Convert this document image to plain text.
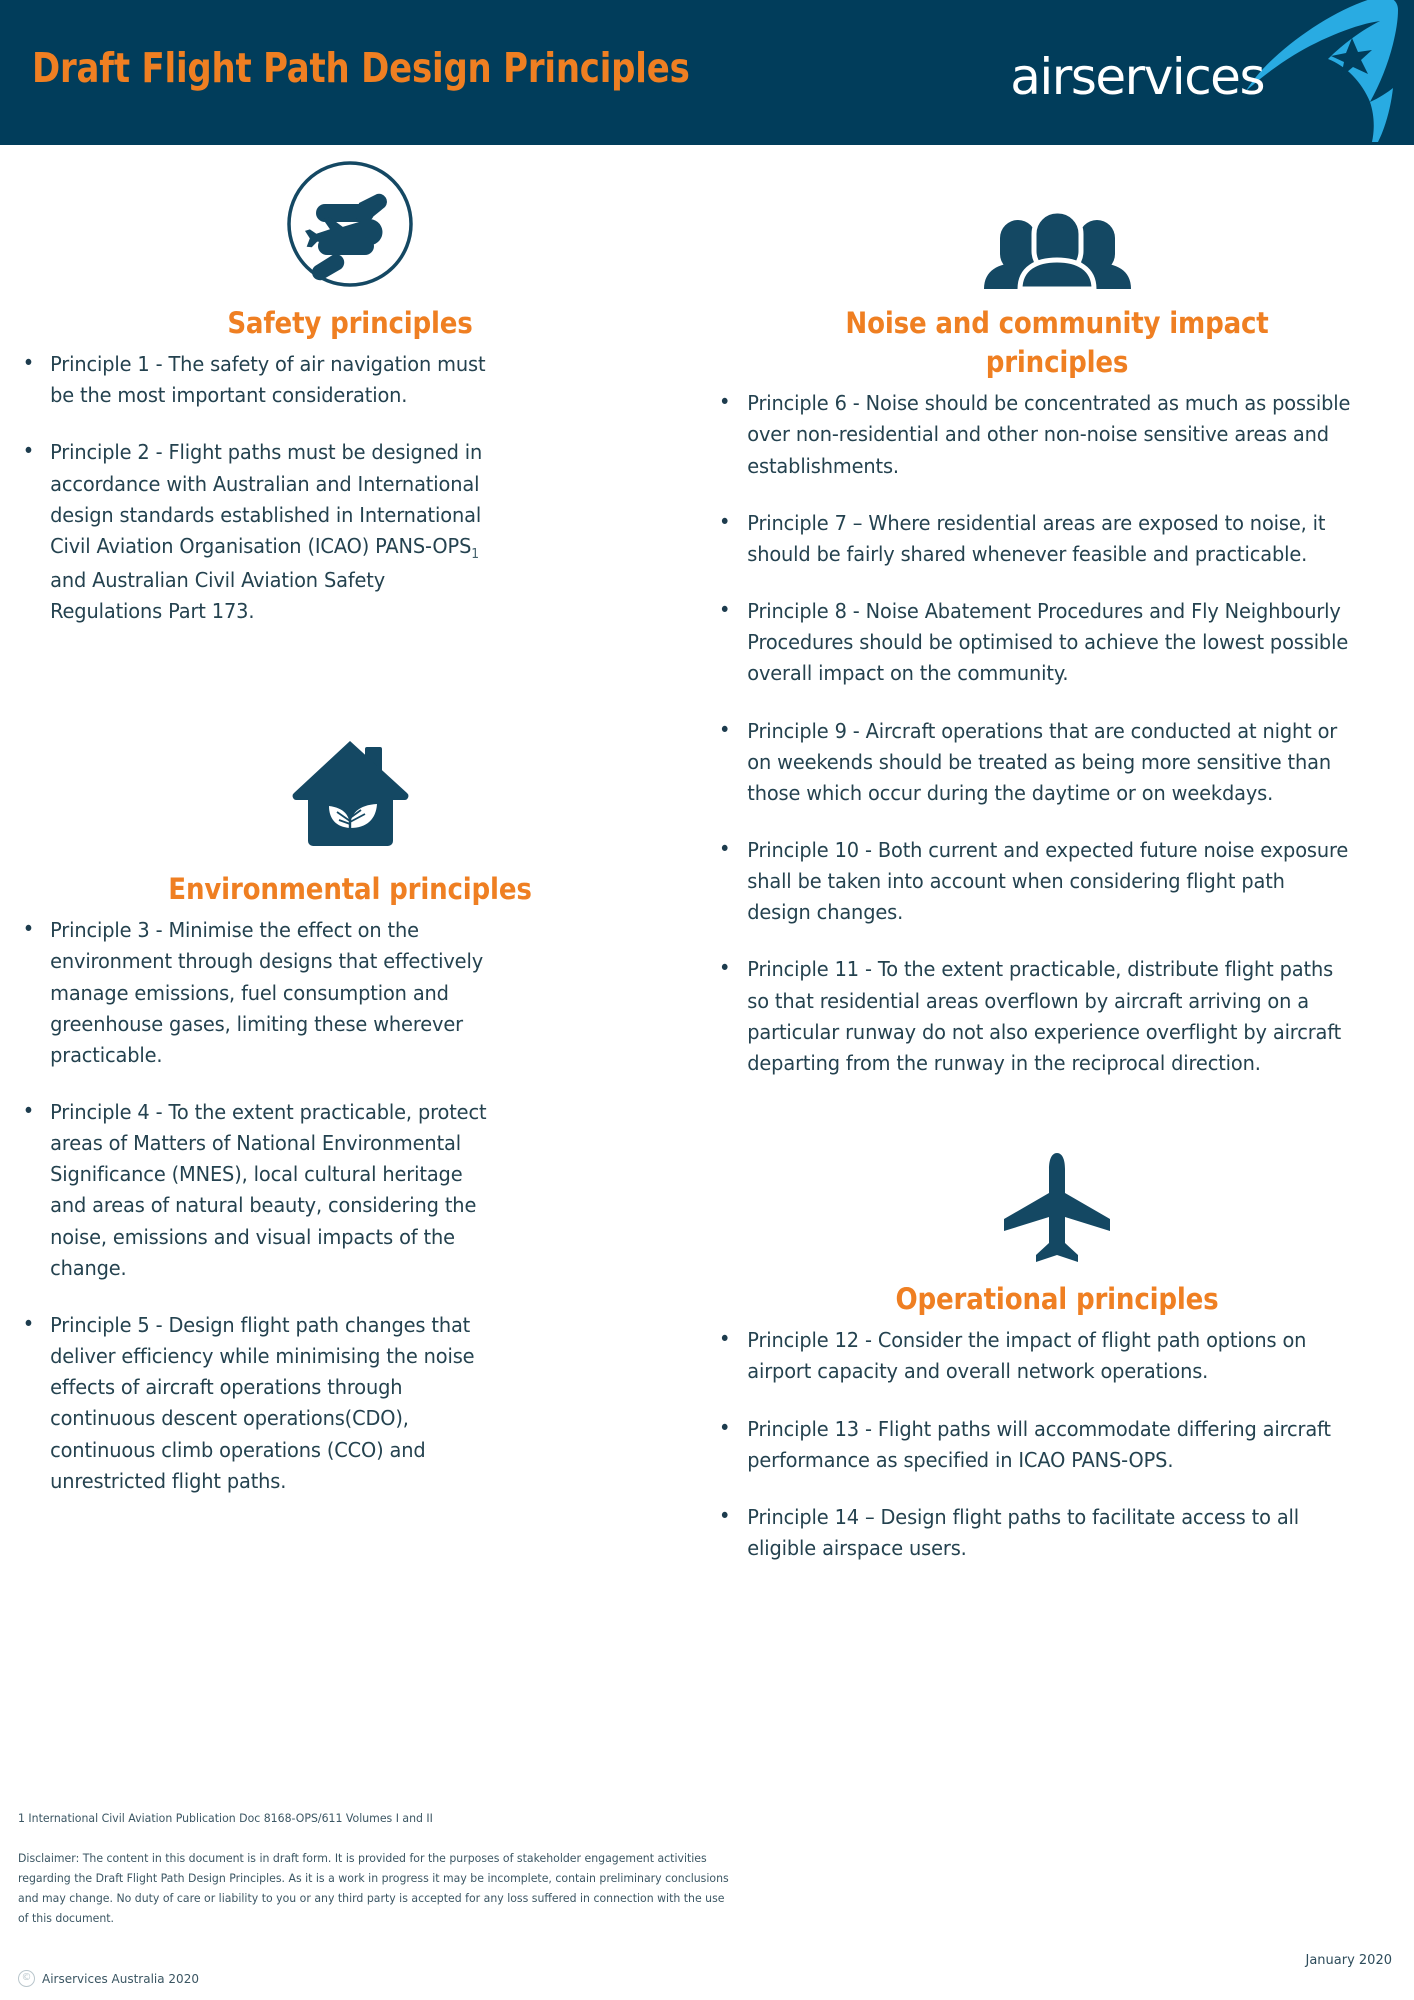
Draft Flight Path Design Principles	airservices
Safety principles
• Principle 1 - The safety of air navigation must be the most important consideration.
• Principle 2 - Flight paths must be designed in accordance with Australian and International design standards established in International Civil Aviation Organisation (ICAO) PANS-$OPS_1$ and Australian Civil Aviation Safety Regulations Part 173.
Environmental principles
• Principle 3 - Minimise the effect on the environment through designs that effectively manage emissions, fuel consumption and greenhouse gases, limiting these wherever practicable.
• Principle 4 - To the extent practicable, protect areas of Matters of National Environmental Significance (MNES), local cultural heritage and areas of natural beauty, considering the noise, emissions and visual impacts of the change.
• Principle 5 - Design flight path changes that deliver efficiency while minimising the noise effects of aircraft operations through continuous descent operations(CDO), continuous climb operations (CCO) and unrestricted flight paths.
Noise and community impact principles
• Principle 6 - Noise should be concentrated as much as possible over non-residential and other non-noise sensitive areas and establishments.
• Principle 7 – Where residential areas are exposed to noise, it should be fairly shared whenever feasible and practicable.
• Principle 8 - Noise Abatement Procedures and Fly Neighbourly Procedures should be optimised to achieve the lowest possible overall impact on the community.
• Principle 9 - Aircraft operations that are conducted at night or on weekends should be treated as being more sensitive than those which occur during the daytime or on weekdays.
• Principle 10 - Both current and expected future noise exposure shall be taken into account when considering flight path design changes.
• Principle 11 - To the extent practicable, distribute flight paths so that residential areas overflown by aircraft arriving on a particular runway do not also experience overflight by aircraft departing from the runway in the reciprocal direction.
Operational principles
• Principle 12 - Consider the impact of flight path options on airport capacity and overall network operations.
• Principle 13 - Flight paths will accommodate differing aircraft performance as specified in ICAO PANS-OPS.
• Principle 14 – Design flight paths to facilitate access to all eligible airspace users.
1 International Civil Aviation Publication Doc 8168-OPS/611 Volumes I and II
Disclaimer: The content in this document is in draft form. It is provided for the purposes of stakeholder engagement activities regarding the Draft Flight Path Design Principles. As it is a work in progress it may be incomplete, contain preliminary conclusions and may change. No duty of care or liability to you or any third party is accepted for any loss suffered in connection with the use of this document.
© Airservices Australia 2020
January 2020
